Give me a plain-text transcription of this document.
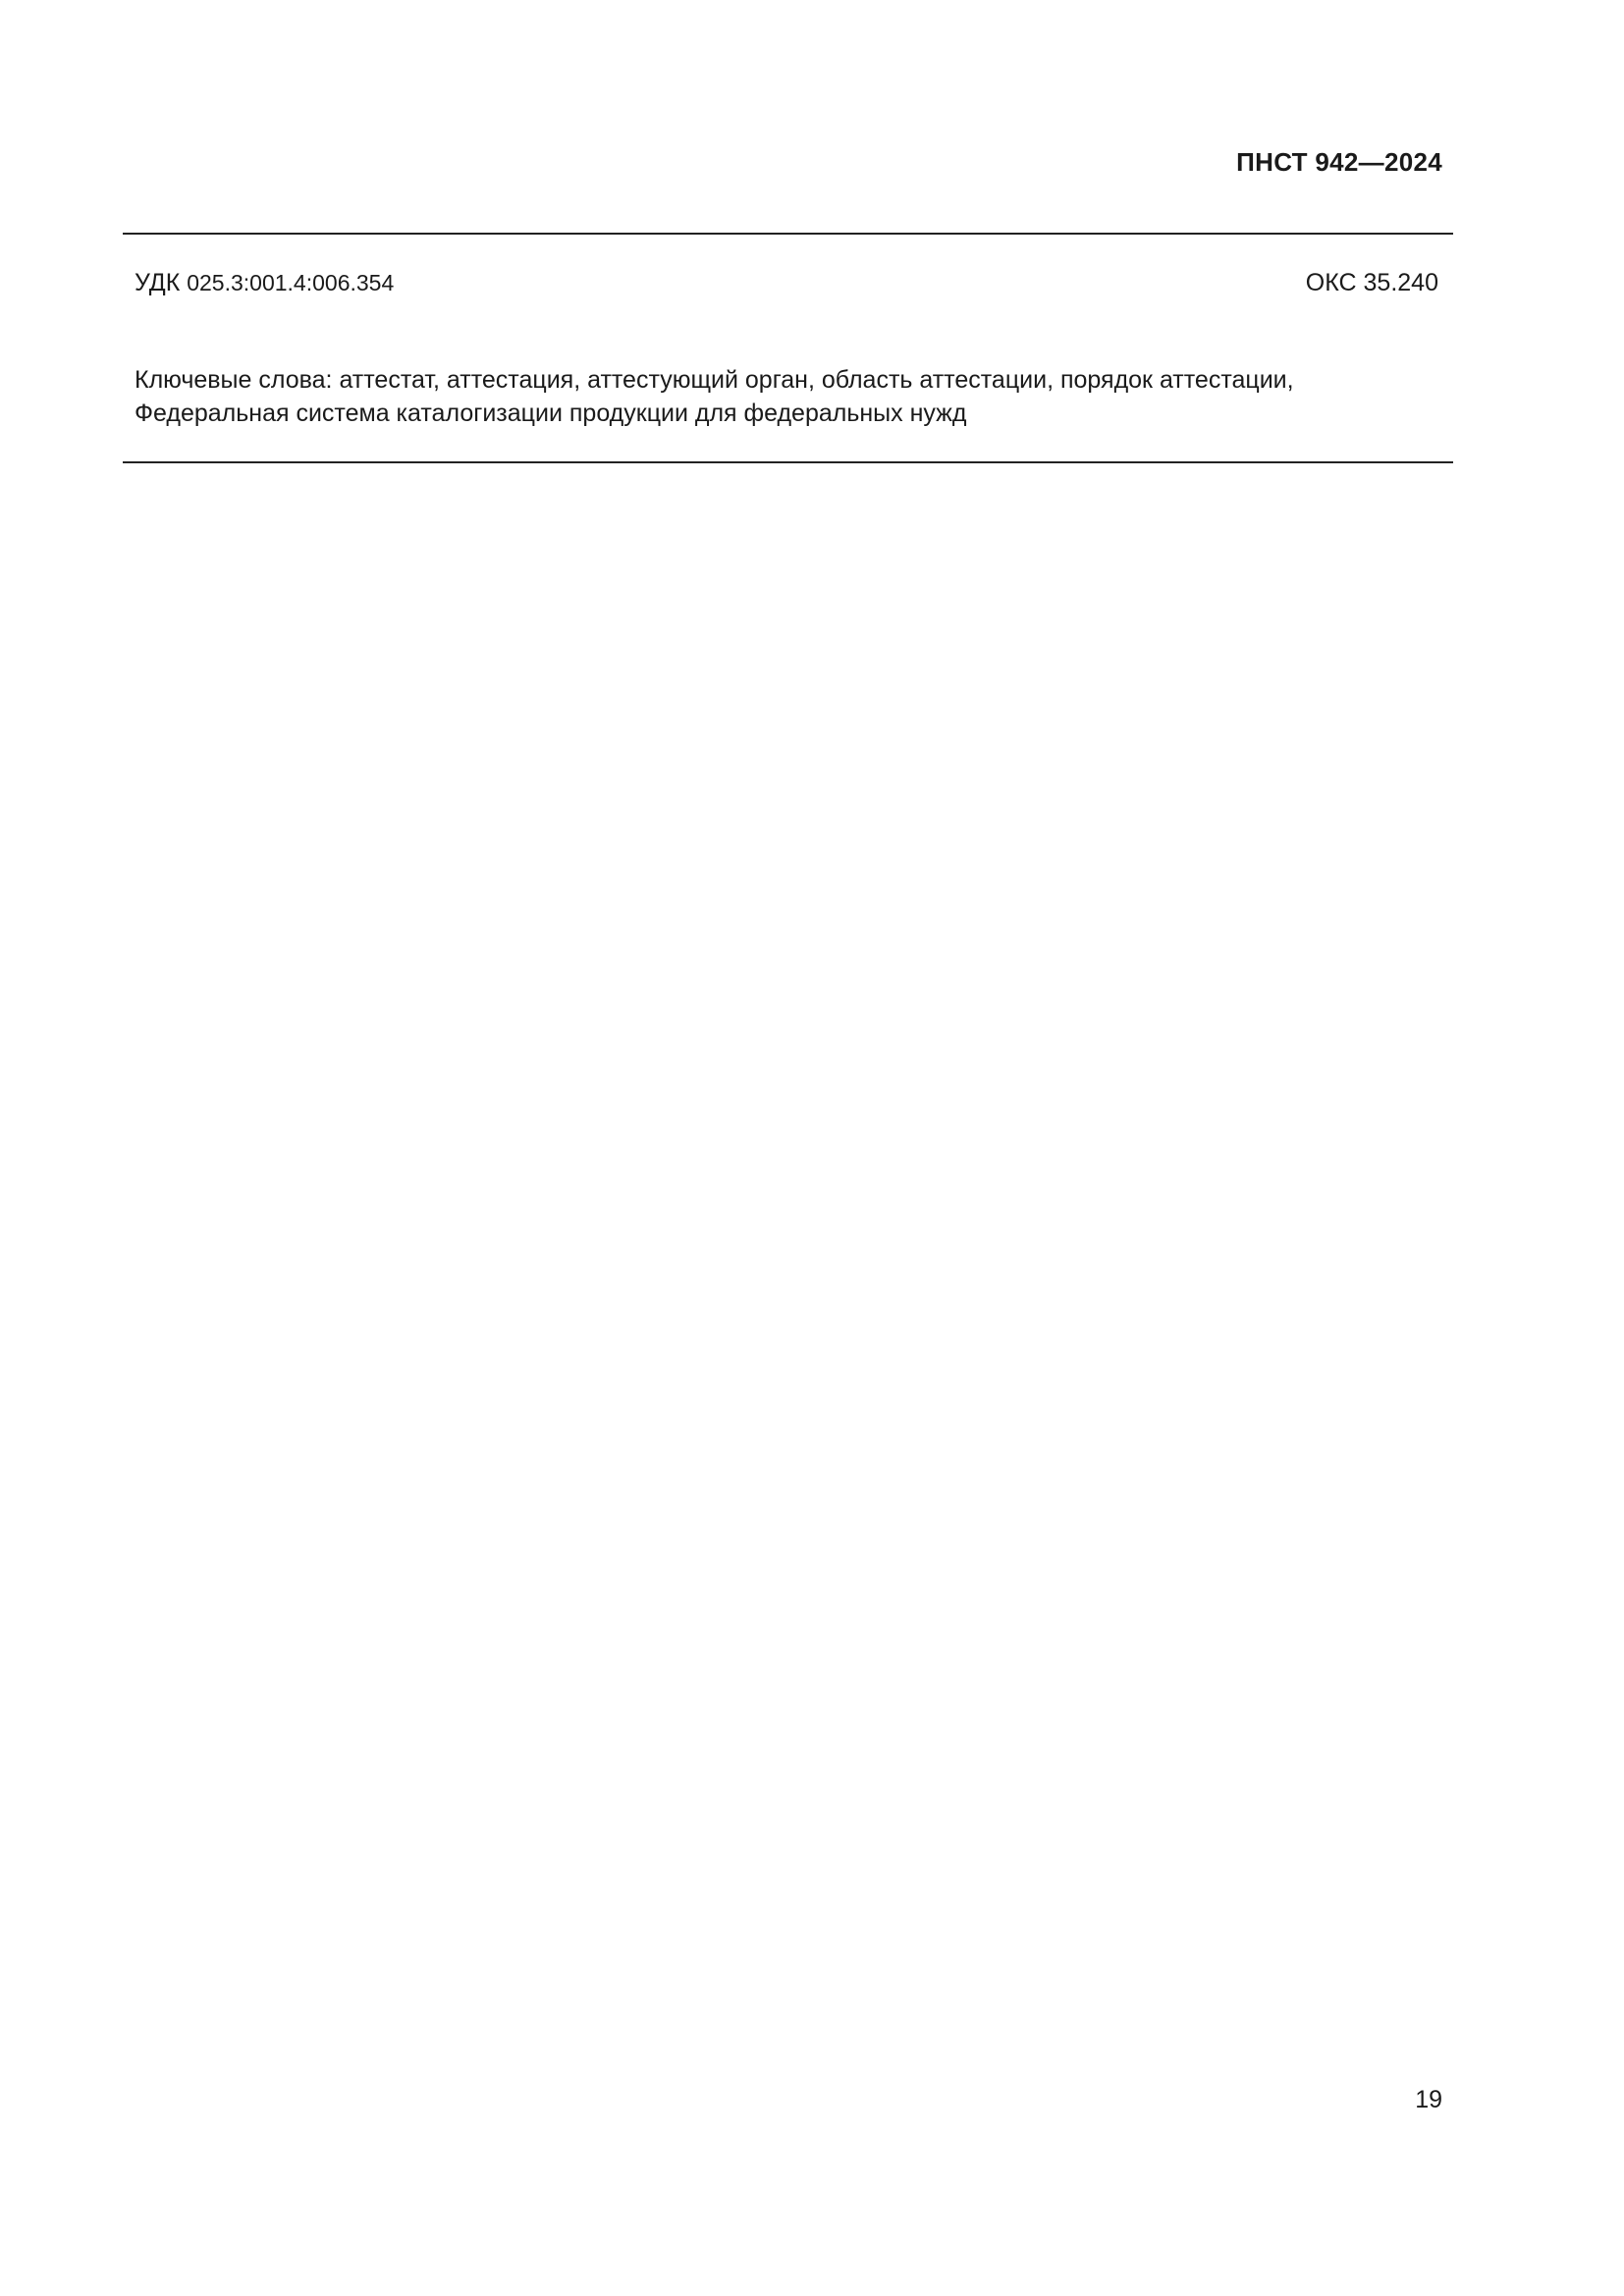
ПНСТ 942—2024
УДК 025.3:001.4:006.354	ОКС 35.240

Ключевые слова: аттестат, аттестация, аттестующий орган, область аттестации, порядок аттестации,

Федеральная система каталогизации продукции для федеральных нужд

19
